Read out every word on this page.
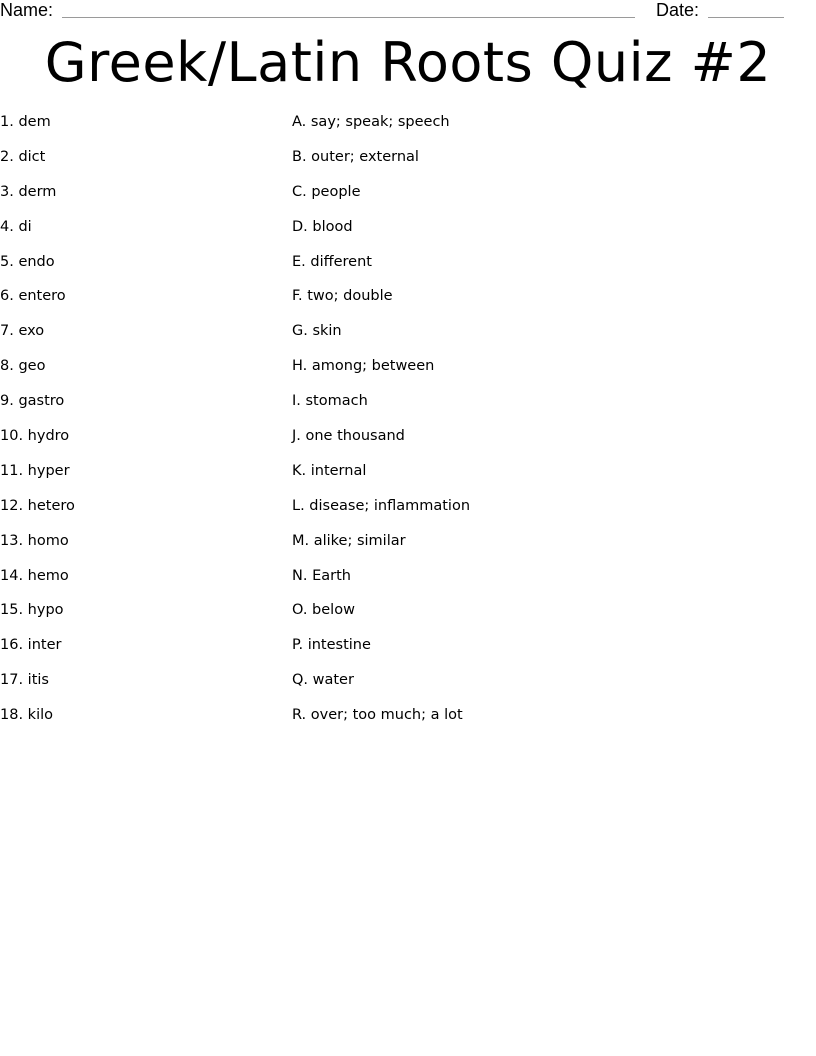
Name:	Date:
Greek/Latin Roots Quiz #2
1. dem	A. say; speak; speech
2. dict	B. outer; external
3. derm	C. people
4. di	D. blood
5. endo	E. different
6. entero	F. two; double
7. exo	G. skin
8. geo	H. among; between
9. gastro	I. stomach
10. hydro	J. one thousand
11. hyper	K. internal
12. hetero	L. disease; inflammation
13. homo	M. alike; similar
14. hemo	N. Earth
15. hypo	O. below
16. inter	P. intestine
17. itis	Q. water
18. kilo	R. over; too much; a lot
